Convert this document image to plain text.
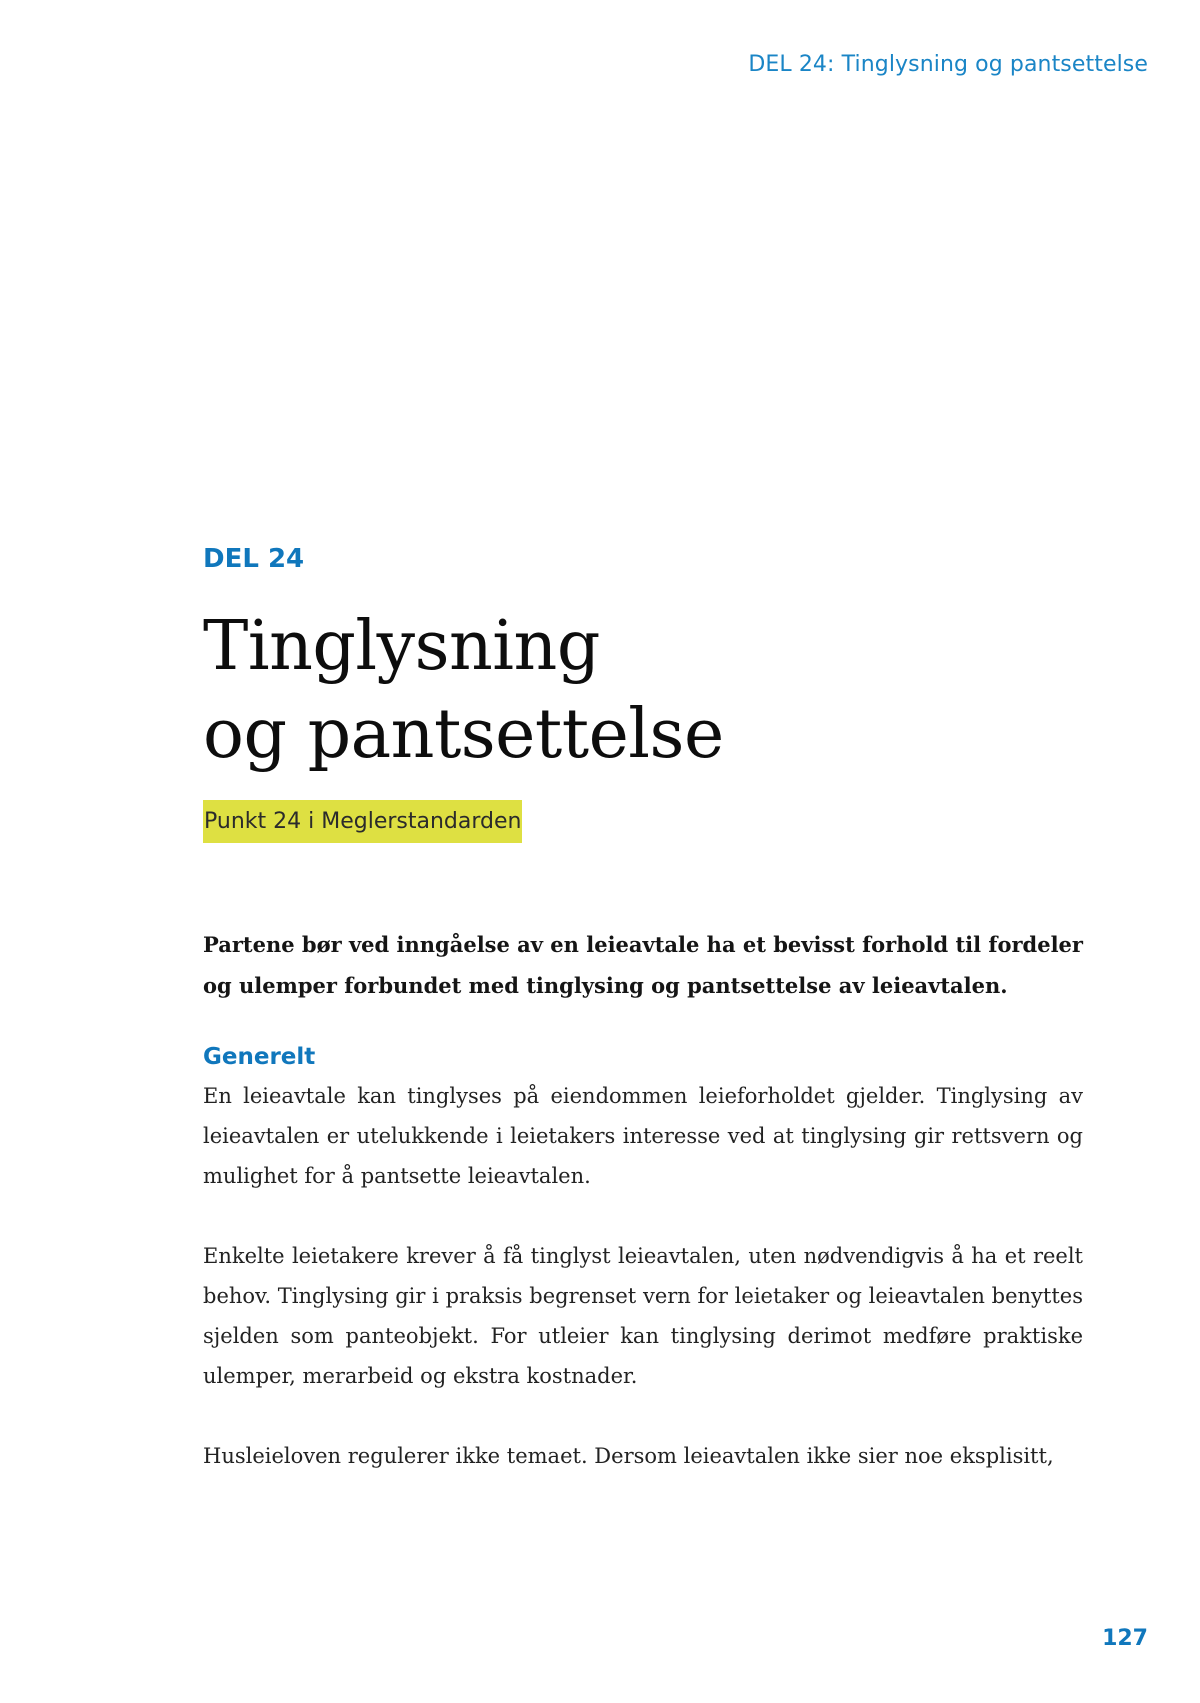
DEL 24: Tinglysning og pantsettelse
DEL 24
Tinglysning
og pantsettelse
Punkt 24 i Meglerstandarden

Partene bør ved inngåelse av en leieavtale ha et bevisst forhold til fordeler og ulemper forbundet med tinglysing og pantsettelse av leieavtalen.

Generelt

En leieavtale kan tinglyses på eiendommen leieforholdet gjelder. Tinglysing av leieavtalen er utelukkende i leietakers interesse ved at tinglysing gir rettsvern og mulighet for å pantsette leieavtalen.

Enkelte leietakere krever å få tinglyst leieavtalen, uten nødvendigvis å ha et reelt behov. Tinglysing gir i praksis begrenset vern for leietaker og leieavtalen benyttes sjelden som panteobjekt. For utleier kan tinglysing derimot medføre praktiske ulemper, merarbeid og ekstra kostnader.

Husleieloven regulerer ikke temaet. Dersom leieavtalen ikke sier noe eksplisitt,

127
